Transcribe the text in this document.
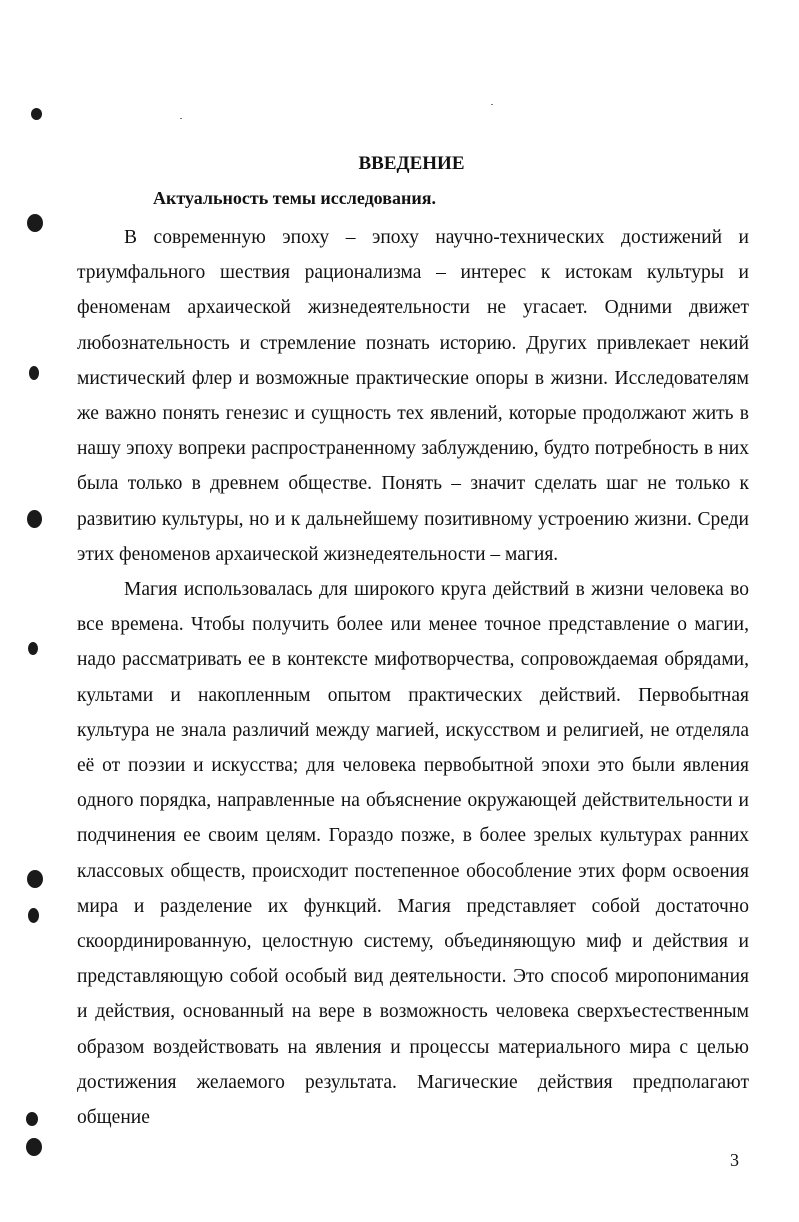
ВВЕДЕНИЕ
Актуальность темы исследования.

В современную эпоху – эпоху научно-технических достижений и триумфального шествия рационализма – интерес к истокам культуры и феноменам архаической жизнедеятельности не угасает. Одними движет любознательность и стремление познать историю. Других привлекает некий мистический флер и возможные практические опоры в жизни. Исследователям же важно понять генезис и сущность тех явлений, которые продолжают жить в нашу эпоху вопреки распространенному заблуждению, будто потребность в них была только в древнем обществе. Понять – значит сделать шаг не только к развитию культуры, но и к дальнейшему позитивному устроению жизни. Среди этих феноменов архаической жизнедеятельности – магия.

Магия использовалась для широкого круга действий в жизни человека во все времена. Чтобы получить более или менее точное представление о магии, надо рассматривать ее в контексте мифотворчества, сопровождаемая обрядами, культами и накопленным опытом практических действий. Первобытная культура не знала различий между магией, искусством и религией, не отделяла её от поэзии и искусства; для человека первобытной эпохи это были явления одного порядка, направленные на объяснение окружающей действительности и подчинения ее своим целям. Гораздо позже, в более зрелых культурах ранних классовых обществ, происходит постепенное обособление этих форм освоения мира и разделение их функций. Магия представляет собой достаточно скоординированную, целостную систему, объединяющую миф и действия и представляющую собой особый вид деятельности. Это способ миропонимания и действия, основанный на вере в возможность человека сверхъестественным образом воздействовать на явления и процессы материального мира с целью достижения желаемого результата. Магические действия предполагают общение

3
